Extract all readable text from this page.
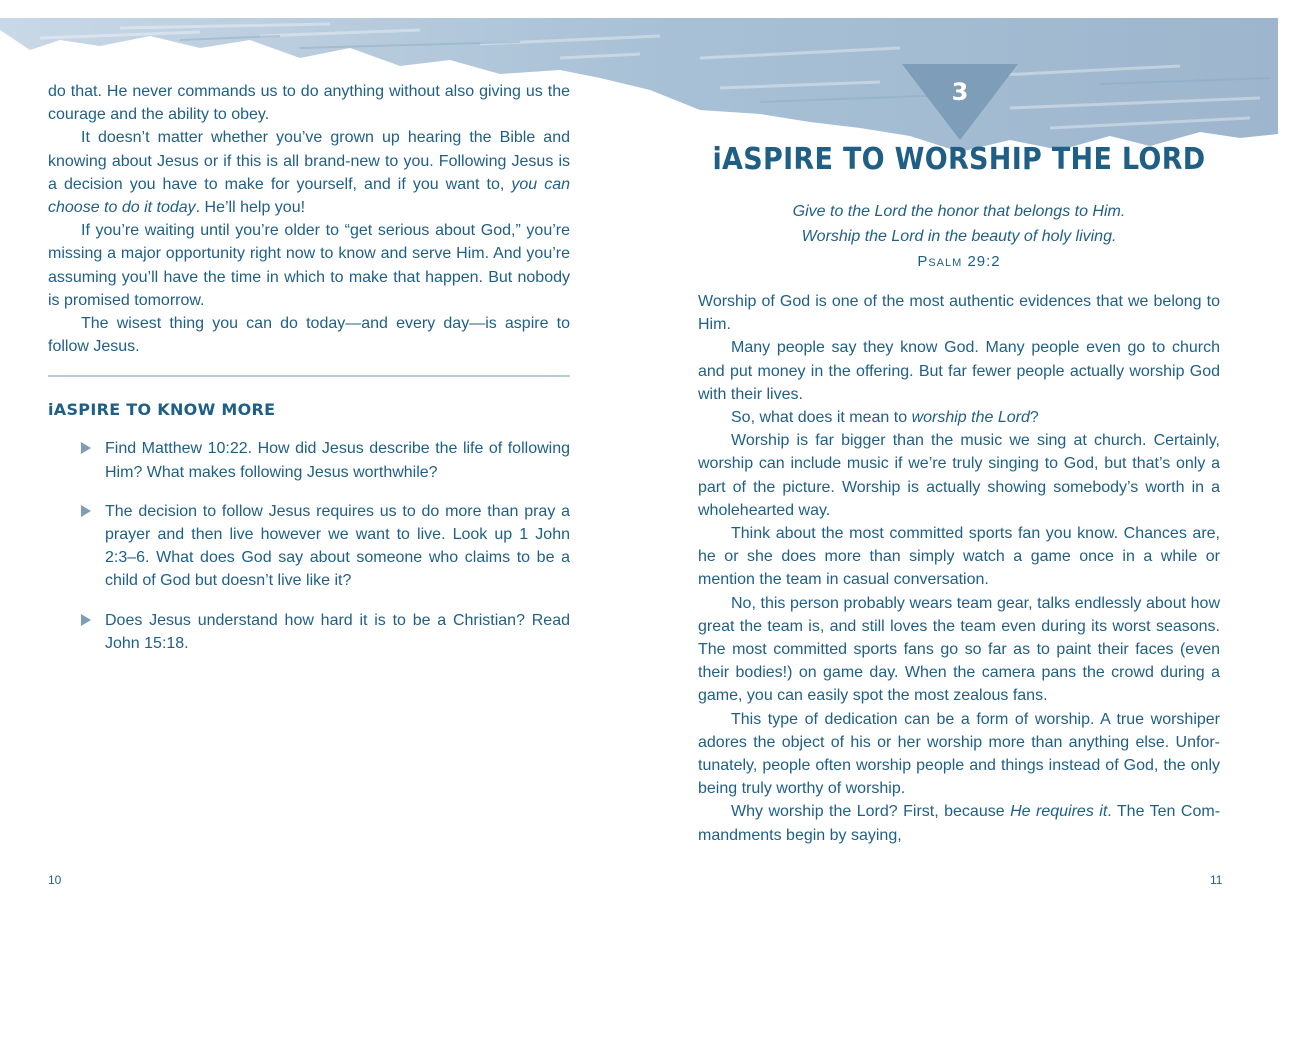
do that. He never commands us to do anything without also giving us the courage and the ability to obey.

It doesn’t matter whether you’ve grown up hearing the Bible and knowing about Jesus or if this is all brand-new to you. Following Jesus is a decision you have to make for yourself, and if you want to, you can choose to do it today. He’ll help you!

If you’re waiting until you’re older to “get serious about God,” you’re missing a major opportunity right now to know and serve Him. And you’re assuming you’ll have the time in which to make that happen. But nobody is promised tomorrow.

The wisest thing you can do today—and every day—is aspire to follow Jesus.

iASPIRE TO KNOW MORE

Find Matthew 10:22. How did Jesus describe the life of following Him? What makes following Jesus worthwhile?

The decision to follow Jesus requires us to do more than pray a prayer and then live however we want to live. Look up 1 John 2:3–6. What does God say about someone who claims to be a child of God but doesn’t live like it?

Does Jesus understand how hard it is to be a Christian? Read John 15:18.

10
3
iASPIRE TO WORSHIP THE LORD
Give to the Lord the honor that belongs to Him.
Worship the Lord in the beauty of holy living.
Psalm 29:2

Worship of God is one of the most authentic evidences that we belong to Him.

Many people say they know God. Many people even go to church and put money in the offering. But far fewer people actually worship God with their lives.

So, what does it mean to worship the Lord?

Worship is far bigger than the music we sing at church. Certainly, worship can include music if we’re truly singing to God, but that’s only a part of the picture. Worship is actually showing somebody’s worth in a wholehearted way.

Think about the most committed sports fan you know. Chances are, he or she does more than simply watch a game once in a while or mention the team in casual conversation.

No, this person probably wears team gear, talks endlessly about how great the team is, and still loves the team even during its worst seasons. The most committed sports fans go so far as to paint their faces (even their bodies!) on game day. When the camera pans the crowd during a game, you can easily spot the most zealous fans.

This type of dedication can be a form of worship. A true worshiper adores the object of his or her worship more than anything else. Unfortunately, people often worship people and things instead of God, the only being truly worthy of worship.

Why worship the Lord? First, because He requires it. The Ten Commandments begin by saying,

11
